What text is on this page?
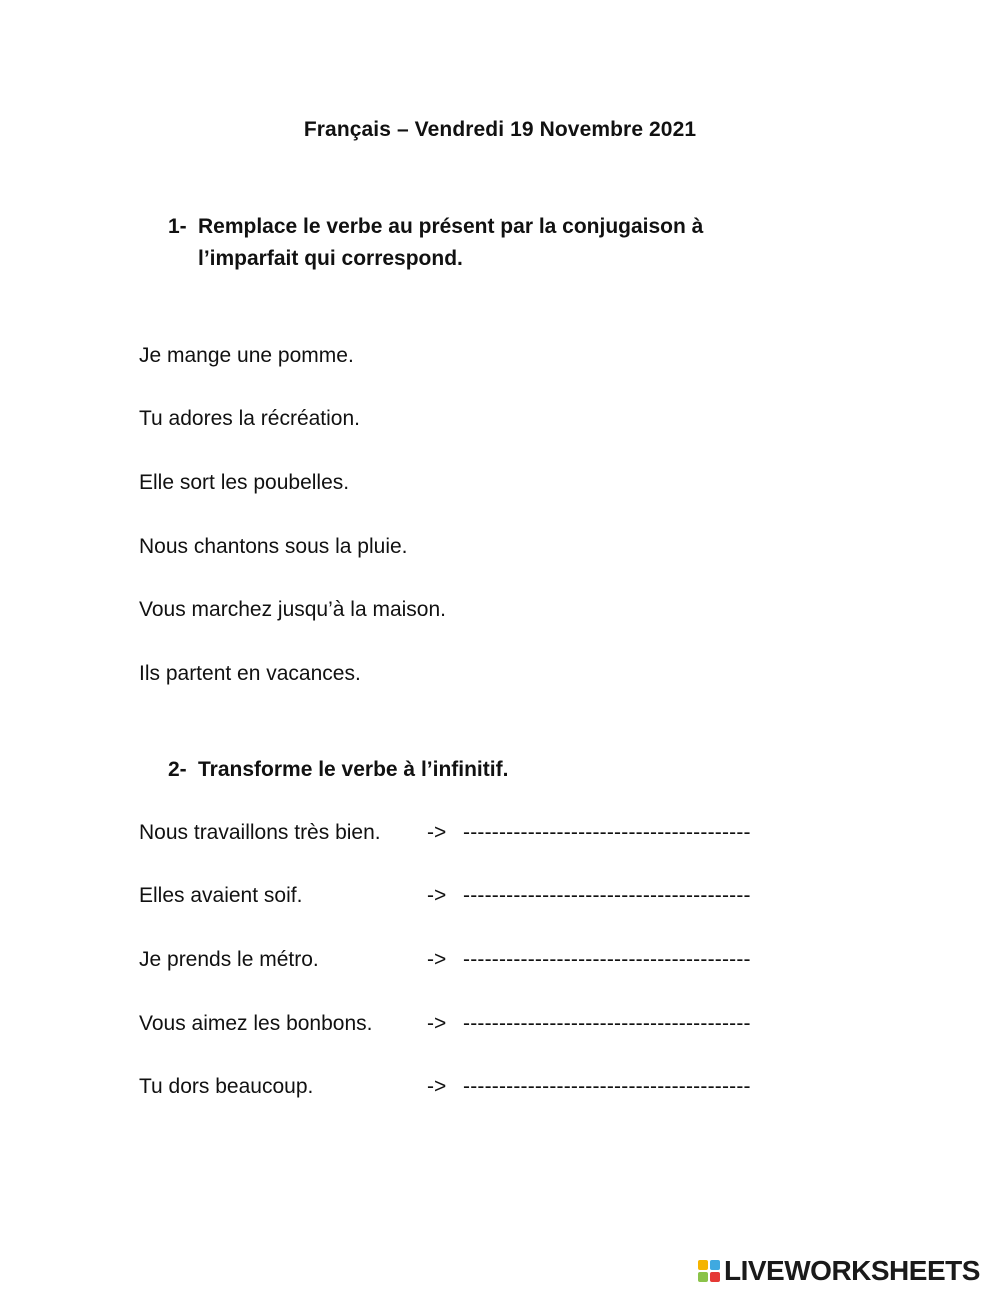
Français – Vendredi 19 Novembre 2021
1- Remplace le verbe au présent par la conjugaison à l’imparfait qui correspond.
Je mange une pomme.
Tu adores la récréation.
Elle sort les poubelles.
Nous chantons sous la pluie.
Vous marchez jusqu’à la maison.
Ils partent en vacances.
2- Transforme le verbe à l’infinitif.
Nous travaillons très bien. -> ----------------------------------------
Elles avaient soif.	-> ----------------------------------------
Je prends le métro.	-> ----------------------------------------
Vous aimez les bonbons.	-> ----------------------------------------
Tu dors beaucoup.	-> ----------------------------------------
LIVEWORKSHEETS
